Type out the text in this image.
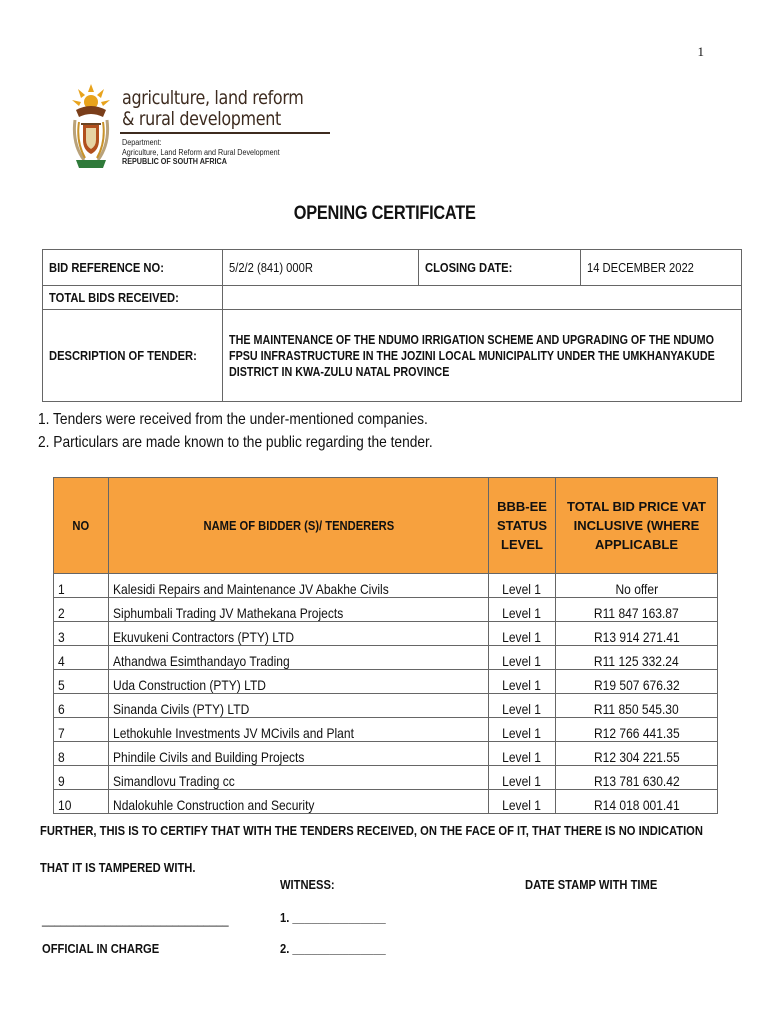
1
agriculture, land reform
& rural development
Department:
Agriculture, Land Reform and Rural Development
REPUBLIC OF SOUTH AFRICA
OPENING CERTIFICATE
BID REFERENCE NO:	5/2/2 (841) 000R	CLOSING DATE:	14 DECEMBER 2022
TOTAL BIDS RECEIVED:			
DESCRIPTION OF TENDER:	THE MAINTENANCE OF THE NDUMO IRRIGATION SCHEME AND UPGRADING OF THE NDUMO FPSU INFRASTRUCTURE IN THE JOZINI LOCAL MUNICIPALITY UNDER THE UMKHANYAKUDE DISTRICT IN KWA-ZULU NATAL PROVINCE		
1. Tenders were received from the under-mentioned companies.
2. Particulars are made known to the public regarding the tender.
NO	NAME OF BIDDER (S)/ TENDERERS	BBB-EE STATUS LEVEL	TOTAL BID PRICE VAT INCLUSIVE (WHERE APPLICABLE
1	Kalesidi Repairs and Maintenance JV Abakhe Civils	Level 1	No offer
2	Siphumbali Trading JV Mathekana Projects	Level 1	R11 847 163.87
3	Ekuvukeni Contractors (PTY) LTD	Level 1	R13 914 271.41
4	Athandwa Esimthandayo Trading	Level 1	R11 125 332.24
5	Uda Construction (PTY) LTD	Level 1	R19 507 676.32
6	Sinanda Civils (PTY) LTD	Level 1	R11 850 545.30
7	Lethokuhle Investments JV MCivils and Plant	Level 1	R12 766 441.35
8	Phindile Civils and Building Projects	Level 1	R12 304 221.55
9	Simandlovu Trading cc	Level 1	R13 781 630.42
10	Ndalokuhle Construction and Security	Level 1	R14 018 001.41
FURTHER, THIS IS TO CERTIFY THAT WITH THE TENDERS RECEIVED, ON THE FACE OF IT, THAT THERE IS NO INDICATION
THAT IT IS TAMPERED WITH.
WITNESS:	DATE STAMP WITH TIME
______________________________	1. _______________
OFFICIAL IN CHARGE	2. _______________
